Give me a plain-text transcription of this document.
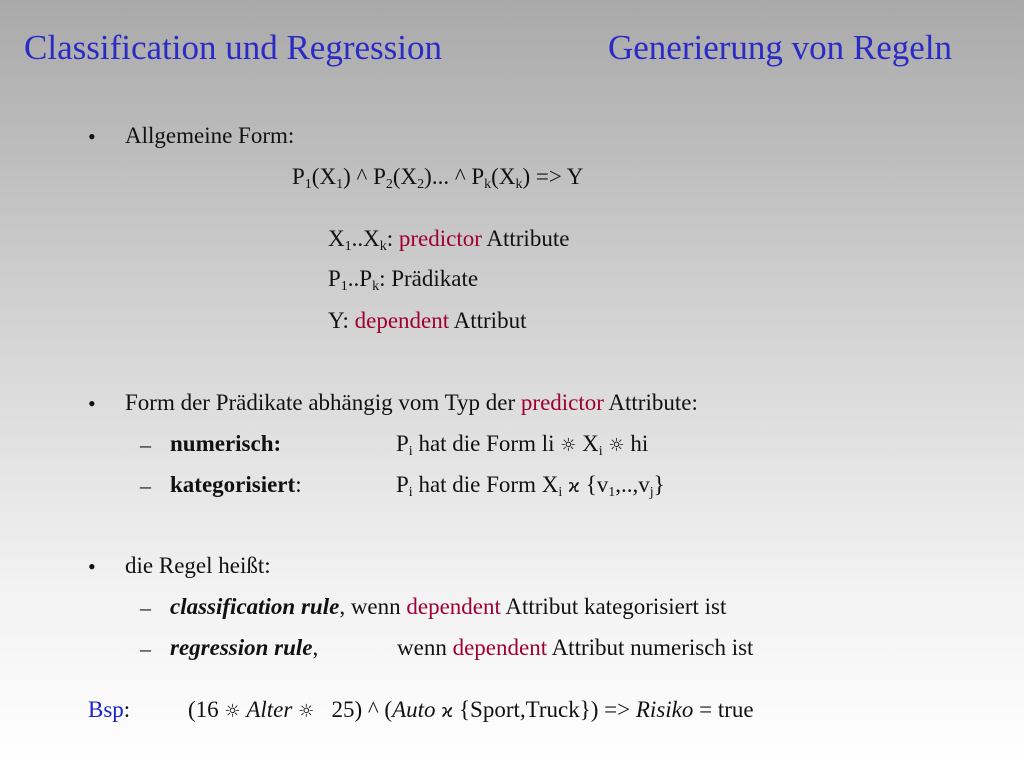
Classification und Regression	Generierung von Regeln
• Allgemeine Form:
$P_1(X_1)$ ^ $P_2(X_2)$... ^ $P_k(X_k) => Y$
$X_1..X_k$: predictor Attribute
$P_1..P_k$: Prädikate
Y: dependent Attribut
• Form der Prädikate abhängig vom Typ der predictor Attribute:
– numerisch:	$P_i$ hat die Form li ☼ $X_i$ ☼ hi
– kategorisiert:	$P_i$ hat die Form $X_i$ ϰ $\{v_1,..,v_j\}$
• die Regel heißt:
– classification rule, wenn dependent Attribut kategorisiert ist
– regression rule,	wenn dependent Attribut numerisch ist
Bsp:	(16 ☼ Alter ☼ 25) ^ (Auto ϰ {Sport,Truck}) => Risiko = true
